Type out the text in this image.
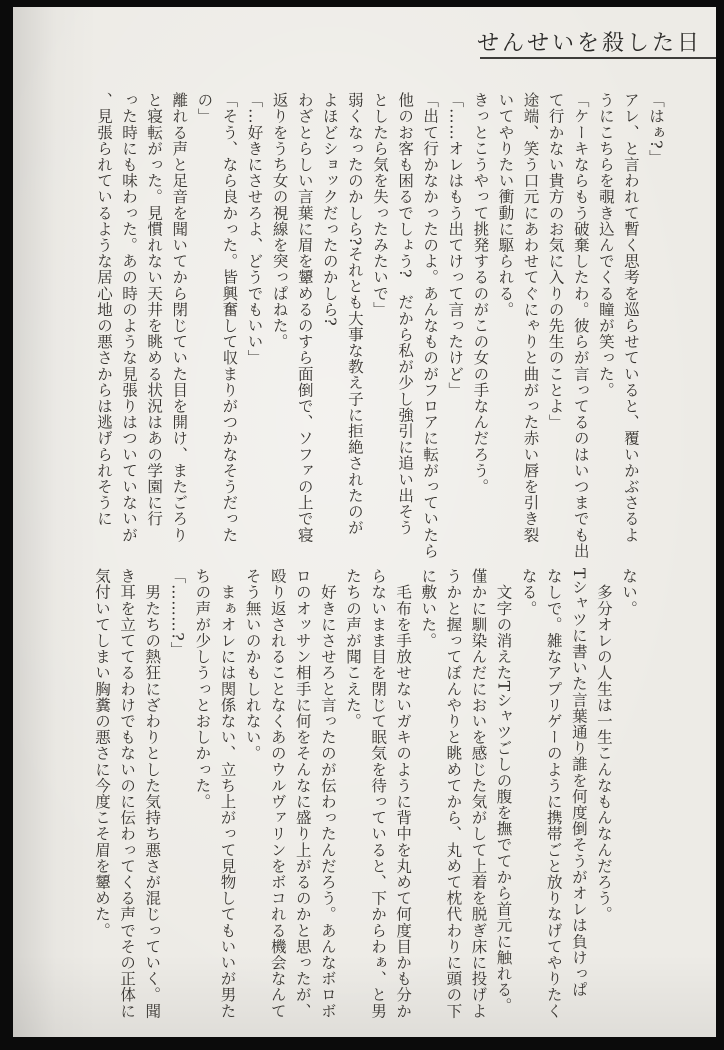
せんせいを殺した日
「はぁ?」
アレ、と言われて暫く思考を巡らせていると、覆いかぶさるよ
うにこちらを覗き込んでくる瞳が笑った。
「ケーキならもう破棄したわ。彼らが言ってるのはいつまでも出
て行かない貴方のお気に入りの先生のことよ」
途端、笑う口元にあわせてぐにゃりと曲がった赤い唇を引き裂
いてやりたい衝動に駆られる。
きっとこうやって挑発するのがこの女の手なんだろう。
「……オレはもう出てけって言ったけど」
「出て行かなかったのよ。あんなものがフロアに転がっていたら
他のお客も困るでしょう?　だから私が少し強引に追い出そう
としたら気を失ったみたいで」
弱くなったのかしら?それとも大事な教え子に拒絶されたのが
よほどショックだったのかしら?
わざとらしい言葉に眉を顰めるのすら面倒で、ソファの上で寝
返りをうち女の視線を突っぱねた。
「…好きにさせろよ、どうでもいい」
「そう、なら良かった。皆興奮して収まりがつかなそうだった
の」
離れる声と足音を聞いてから閉じていた目を開け、またごろり
と寝転がった。見慣れない天井を眺める状況はあの学園に行
った時にも味わった。あの時のような見張りはついていないが
、見張られているような居心地の悪さからは逃げられそうに
ない。
　多分オレの人生は一生こんなもんなんだろう。
Tシャツに書いた言葉通り誰を何度倒そうがオレは負けっぱ
なしで。雑なアプリゲーのように携帯ごと放りなげてやりたく
なる。
　文字の消えたTシャツごしの腹を撫でてから首元に触れる。
僅かに馴染んだにおいを感じた気がして上着を脱ぎ床に投げよ
うかと握ってぼんやりと眺めてから、丸めて枕代わりに頭の下
に敷いた。
　毛布を手放せないガキのように背中を丸めて何度目かも分か
らないまま目を閉じて眠気を待っていると、下からわぁ、と男
たちの声が聞こえた。
　好きにさせろと言ったのが伝わったんだろう。あんなボロボ
ロのオッサン相手に何をそんなに盛り上がるのかと思ったが、
殴り返されることなくあのウルヴァリンをボコれる機会なんて
そう無いのかもしれない。
　まぁオレには関係ない、立ち上がって見物してもいいが男た
ちの声が少しうっとおしかった。
「………?」
　男たちの熱狂にざわりとした気持ち悪さが混じっていく。聞
き耳を立ててるわけでもないのに伝わってくる声でその正体に
気付いてしまい胸糞の悪さに今度こそ眉を顰めた。
